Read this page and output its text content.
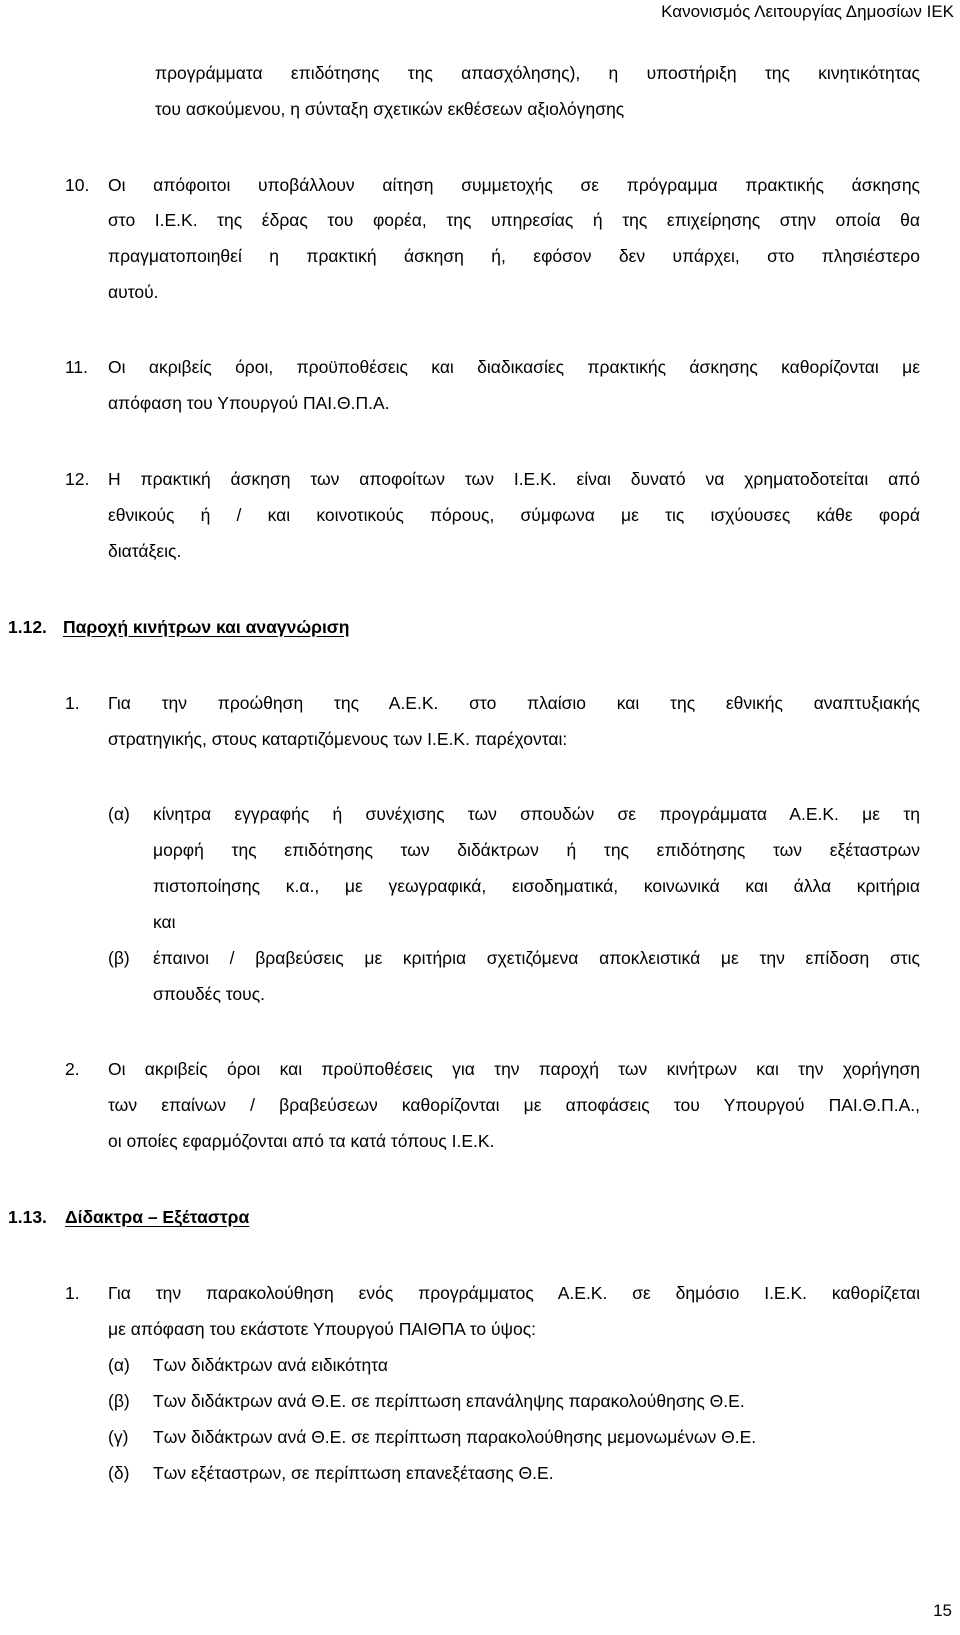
Κανονισμός Λειτουργίας Δημοσίων ΙΕΚ
προγράμματα επιδότησης της απασχόλησης), η υποστήριξη της κινητικότητας
του ασκούμενου, η σύνταξη σχετικών εκθέσεων αξιολόγησης
10. Οι απόφοιτοι υποβάλλουν αίτηση συμμετοχής σε πρόγραμμα πρακτικής άσκησης
στο Ι.Ε.Κ. της έδρας του φορέα, της υπηρεσίας ή της επιχείρησης στην οποία θα
πραγματοποιηθεί η πρακτική άσκηση ή, εφόσον δεν υπάρχει, στο πλησιέστερο
αυτού.
11. Οι ακριβείς όροι, προϋποθέσεις και διαδικασίες πρακτικής άσκησης καθορίζονται με
απόφαση του Υπουργού ΠΑΙ.Θ.Π.Α.
12. Η πρακτική άσκηση των αποφοίτων των Ι.Ε.Κ. είναι δυνατό να χρηματοδοτείται από
εθνικούς ή / και κοινοτικούς πόρους, σύμφωνα με τις ισχύουσες κάθε φορά
διατάξεις.
1.12. Παροχή κινήτρων και αναγνώριση
1. Για την προώθηση της Α.Ε.Κ. στο πλαίσιο και της εθνικής αναπτυξιακής
στρατηγικής, στους καταρτιζόμενους των Ι.Ε.Κ. παρέχονται:
(α) κίνητρα εγγραφής ή συνέχισης των σπουδών σε προγράμματα Α.Ε.Κ. με τη
μορφή της επιδότησης των διδάκτρων ή της επιδότησης των εξέταστρων
πιστοποίησης κ.α., με γεωγραφικά, εισοδηματικά, κοινωνικά και άλλα κριτήρια
και
(β) έπαινοι / βραβεύσεις με κριτήρια σχετιζόμενα αποκλειστικά με την επίδοση στις
σπουδές τους.
2. Οι ακριβείς όροι και προϋποθέσεις για την παροχή των κινήτρων και την χορήγηση
των επαίνων / βραβεύσεων καθορίζονται με αποφάσεις του Υπουργού ΠΑΙ.Θ.Π.Α.,
οι οποίες εφαρμόζονται από τα κατά τόπους Ι.Ε.Κ.
1.13. Δίδακτρα – Εξέταστρα
1. Για την παρακολούθηση ενός προγράμματος Α.Ε.Κ. σε δημόσιο Ι.Ε.Κ. καθορίζεται
με απόφαση του εκάστοτε Υπουργού ΠΑΙΘΠΑ το ύψος:
(α) Των διδάκτρων ανά ειδικότητα
(β) Των διδάκτρων ανά Θ.Ε. σε περίπτωση επανάληψης παρακολούθησης Θ.Ε.
(γ) Των διδάκτρων ανά Θ.Ε. σε περίπτωση παρακολούθησης μεμονωμένων Θ.Ε.
(δ) Των εξέταστρων, σε περίπτωση επανεξέτασης Θ.Ε.
15
